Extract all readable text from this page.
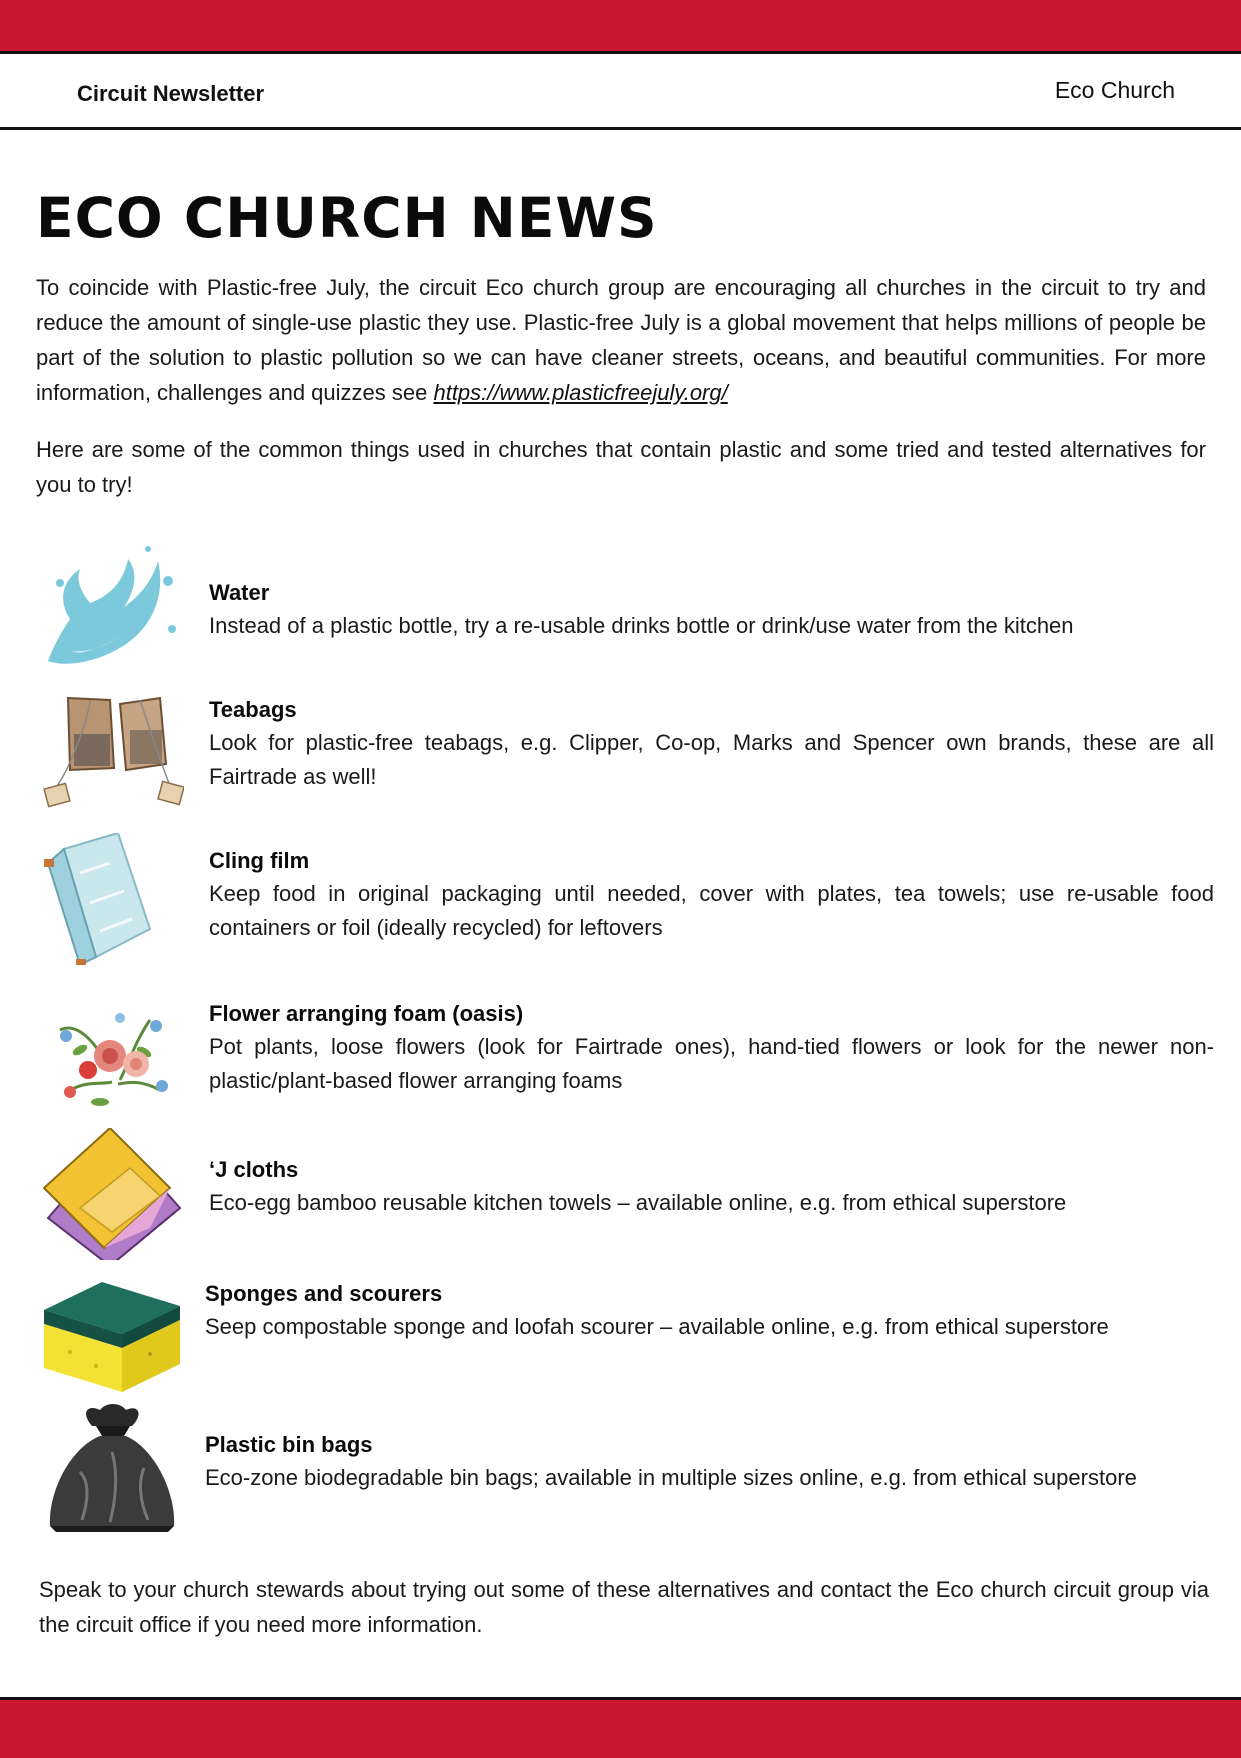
Circuit Newsletter	Eco Church
ECO CHURCH NEWS

To coincide with Plastic-free July, the circuit Eco church group are encouraging all churches in the circuit to try and reduce the amount of single-use plastic they use. Plastic-free July is a global movement that helps millions of people be part of the solution to plastic pollution so we can have cleaner streets, oceans, and beautiful communities. For more information, challenges and quizzes see https://www.plasticfreejuly.org/

Here are some of the common things used in churches that contain plastic and some tried and tested alternatives for you to try!

Water

Instead of a plastic bottle, try a re-usable drinks bottle or drink/use water from the kitchen

Teabags

Look for plastic-free teabags, e.g. Clipper, Co-op, Marks and Spencer own brands, these are all Fairtrade as well!

Cling film

Keep food in original packaging until needed, cover with plates, tea towels; use re-usable food containers or foil (ideally recycled) for leftovers

Flower arranging foam (oasis)

Pot plants, loose flowers (look for Fairtrade ones), hand-tied flowers or look for the newer non-plastic/plant-based flower arranging foams

‘J cloths

Eco-egg bamboo reusable kitchen towels – available online, e.g. from ethical superstore

Sponges and scourers

Seep compostable sponge and loofah scourer – available online, e.g. from ethical superstore

Plastic bin bags

Eco-zone biodegradable bin bags; available in multiple sizes online, e.g. from ethical superstore

Speak to your church stewards about trying out some of these alternatives and contact the Eco church circuit group via the circuit office if you need more information.
